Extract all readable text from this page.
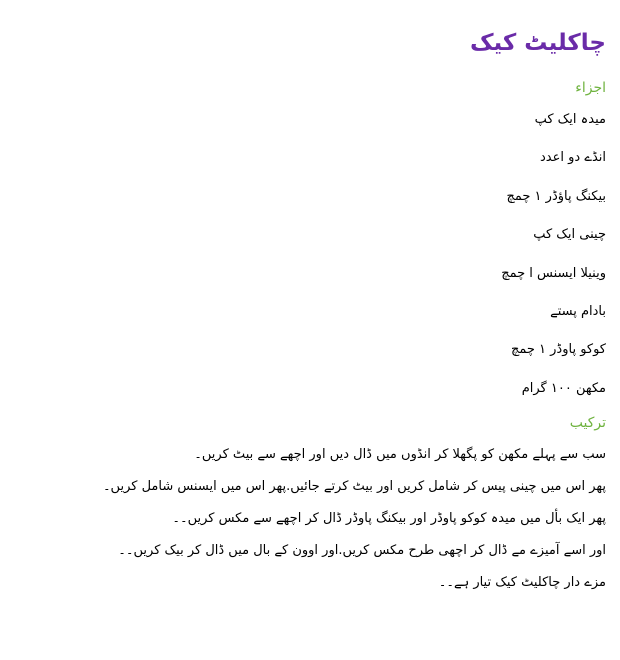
چاکلیٹ کیک
اجزاء
میدہ ایک کپ
انڈے دو اعدد
بیکنگ پاؤڈر ١ چمچ
چینی ایک کپ
وینیلا ایسنس ا چمچ
بادام پستے
کوکو پاوڈر ١ چمچ
مکھن ١٠٠ گرام
ترکیب
سب سے پہلے مکھن کو پگھلا کر انڈوں میں ڈال دیں اور اچھے سے بیٹ کریں۔
پھر اس میں چینی پیس کر شامل کریں اور بیٹ کرتے جائیں.پھر اس میں ایسنس شامل کریں۔
پھر ایک بأل میں میدہ کوکو پاوڈر اور بیکنگ پاوڈر ڈال کر اچھے سے مکس کریں۔۔
اور اسے آمیزے مے ڈال کر اچھی طرح مکس کریں.اور اوون کے بال میں ڈال کر بیک کریں۔۔
مزے دار چاکلیٹ کیک تیار ہے۔۔
